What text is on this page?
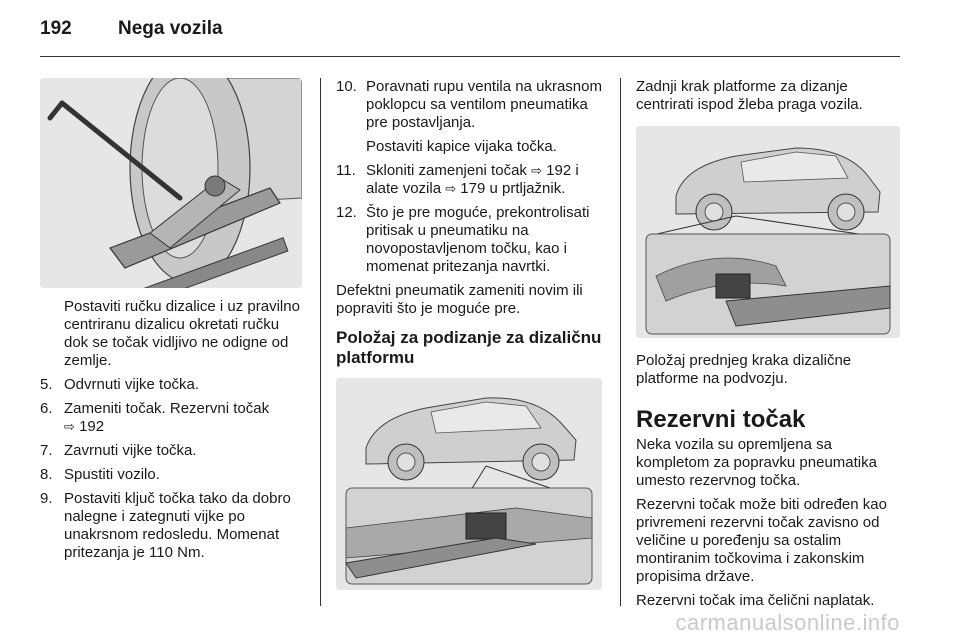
192	Nega vozila
Postaviti ručku dizalice i uz pravilno centriranu dizalicu okretati ručku dok se točak vidljivo ne odigne od zemlje.
5. Odvrnuti vijke točka.
6. Zameniti točak. Rezervni točak
⇨ 192
7. Zavrnuti vijke točka.
8. Spustiti vozilo.
9. Postaviti ključ točka tako da dobro nalegne i zategnuti vijke po unakrsnom redosledu. Momenat pritezanja je 110 Nm.
10. Poravnati rupu ventila na ukrasnom poklopcu sa ventilom pneumatika pre postavljanja.
Postaviti kapice vijaka točka.
11. Skloniti zamenjeni točak ⇨ 192 i alate vozila ⇨ 179 u prtljažnik.
12. Što je pre moguće, prekontrolisati pritisak u pneumatiku na novopostavljenom točku, kao i momenat pritezanja navrtki.
Defektni pneumatik zameniti novim ili popraviti što je moguće pre.
Položaj za podizanje za dizaličnu platformu
Zadnji krak platforme za dizanje centrirati ispod žleba praga vozila.
Položaj prednjeg kraka dizalične platforme na podvozju.
Rezervni točak
Neka vozila su opremljena sa kompletom za popravku pneumatika umesto rezervnog točka.
Rezervni točak može biti određen kao privremeni rezervni točak zavisno od veličine u poređenju sa ostalim montiranim točkovima i zakonskim propisima države.
Rezervni točak ima čelični naplatak.
carmanualsonline.info
